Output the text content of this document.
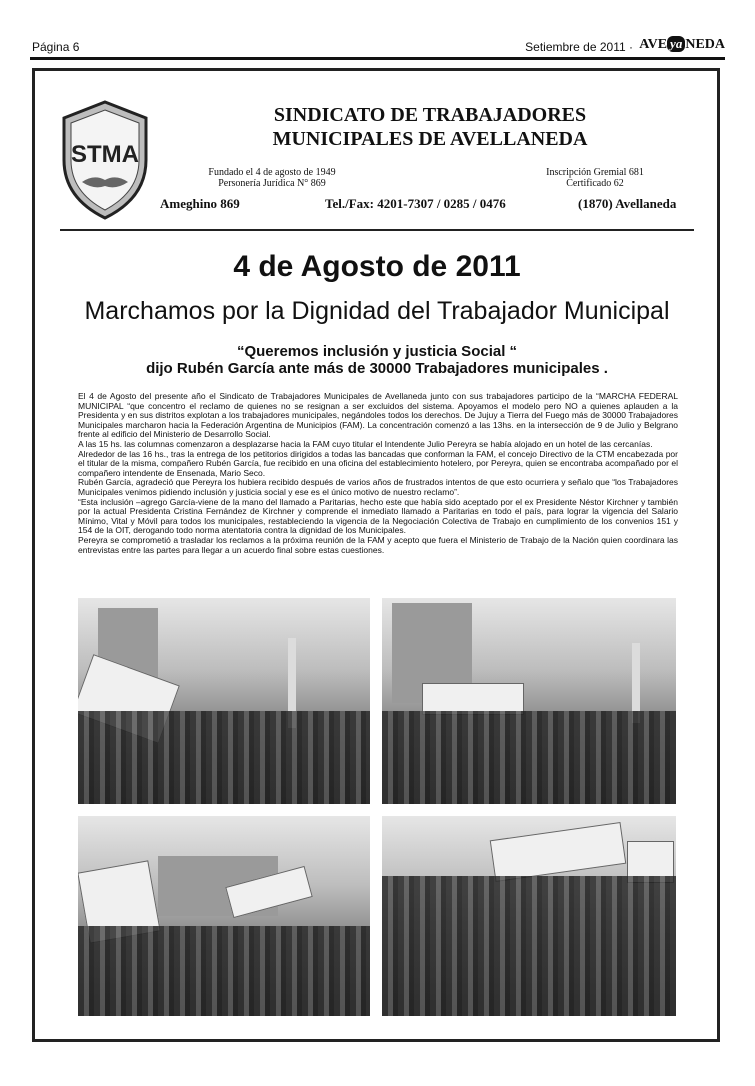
Página 6	Setiembre de 2011 · AVE ya NEDA
STMA
SINDICATO DE TRABAJADORES
MUNICIPALES DE AVELLANEDA
Fundado el 4 de agosto de 1949
Personería Jurídica N° 869
Inscripción Gremial 681
Certificado 62
Ameghino 869	Tel./Fax: 4201-7307 / 0285 / 0476	(1870) Avellaneda
4 de Agosto de 2011
Marchamos por la Dignidad del Trabajador Municipal
“Queremos inclusión y justicia Social “
dijo Rubén García ante más de 30000 Trabajadores municipales .

El 4 de Agosto del presente año el Sindicato de Trabajadores Municipales de Avellaneda junto con sus trabajadores participo de la “MARCHA FEDERAL MUNICIPAL “que concentro el reclamo de quienes no se resignan a ser excluidos del sistema. Apoyamos el modelo pero NO a quienes aplauden a la Presidenta y en sus distritos explotan a los trabajadores municipales, negándoles todos los derechos. De Jujuy a Tierra del Fuego más de 30000 Trabajadores Municipales marcharon hacia la Federación Argentina de Municipios (FAM). La concentración comenzó a las 13hs. en la intersección de 9 de Julio y Belgrano frente al edificio del Ministerio de Desarrollo Social.

A las 15 hs. las columnas comenzaron a desplazarse hacia la FAM cuyo titular el Intendente Julio Pereyra se había alojado en un hotel de las cercanías.

Alrededor de las 16 hs., tras la entrega de los petitorios dirigidos a todas las bancadas que conforman la FAM, el concejo Directivo de la CTM encabezada por el titular de la misma, compañero Rubén García, fue recibido en una oficina del establecimiento hotelero, por Pereyra, quien se encontraba acompañado por el compañero intendente de Ensenada, Mario Seco.

Rubén García, agradeció que Pereyra los hubiera recibido después de varios años de frustrados intentos de que esto ocurriera y señalo que “los Trabajadores Municipales venimos pidiendo inclusión y justicia social y ese es el único motivo de nuestro reclamo”.

“Esta inclusión –agrego García-viene de la mano del llamado a Paritarias, hecho este que había sido aceptado por el ex Presidente Néstor Kirchner y también por la actual Presidenta Cristina Fernández de Kirchner y comprende el inmediato llamado a Paritarias en todo el país, para lograr la vigencia del Salario Mínimo, Vital y Móvil para todos los municipales, restableciendo la vigencia de la Negociación Colectiva de Trabajo en cumplimiento de los convenios 151 y 154 de la OIT, derogando todo norma atentatoria contra la dignidad de los Municipales.

Pereyra se comprometió a trasladar los reclamos a la próxima reunión de la FAM y acepto que fuera el Ministerio de Trabajo de la Nación quien coordinara las entrevistas entre las partes para llegar a un acuerdo final sobre estas cuestiones.
